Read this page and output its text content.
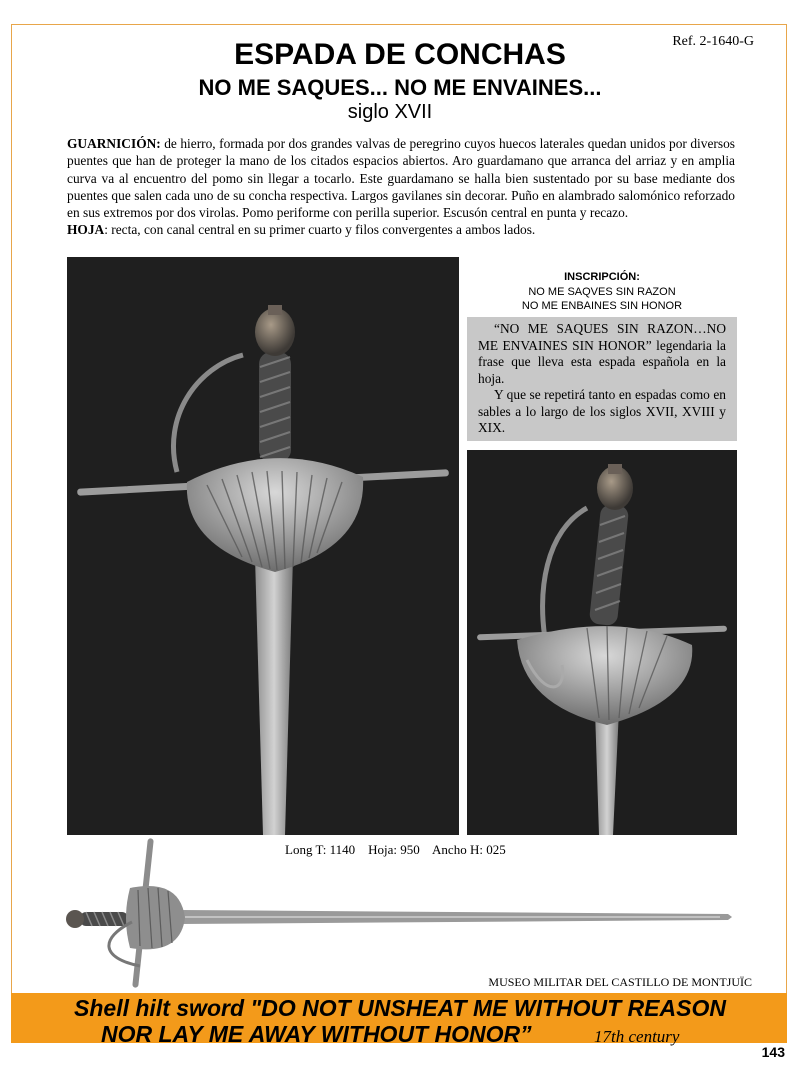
Ref. 2-1640-G
ESPADA DE CONCHAS
NO ME SAQUES... NO ME ENVAINES...
siglo XVII

GUARNICIÓN: de hierro, formada por dos grandes valvas de peregrino cuyos huecos laterales quedan unidos por diversos puentes que han de proteger la mano de los citados espacios abiertos. Aro guardamano que arranca del arriaz y en amplia curva va al encuentro del pomo sin llegar a tocarlo. Este guardamano se halla bien sustentado por su base mediante dos puentes que salen cada uno de su concha respectiva. Largos gavilanes sin decorar. Puño en alambrado salomónico reforzado en sus extremos por dos virolas. Pomo periforme con perilla superior. Escusón central en punta y recazo.
HOJA: recta, con canal central en su primer cuarto y filos convergentes a ambos lados.

INSCRIPCIÓN:
NO ME SAQVES SIN RAZON
NO ME ENBAINES SIN HONOR

“NO ME SAQUES SIN RAZON…NO ME ENVAINES SIN HONOR” legendaria la frase que lleva esta espada española en la hoja.

Y que se repetirá tanto en espadas como en sables a lo largo de los siglos XVII, XVIII y XIX.

Long T: 1140    Hoja: 950    Ancho H: 025
MUSEO MILITAR DEL CASTILLO DE MONTJUÏC
Shell hilt sword "DO NOT UNSHEAT ME WITHOUT REASON
NOR LAY ME AWAY WITHOUT HONOR”	17th century
143
